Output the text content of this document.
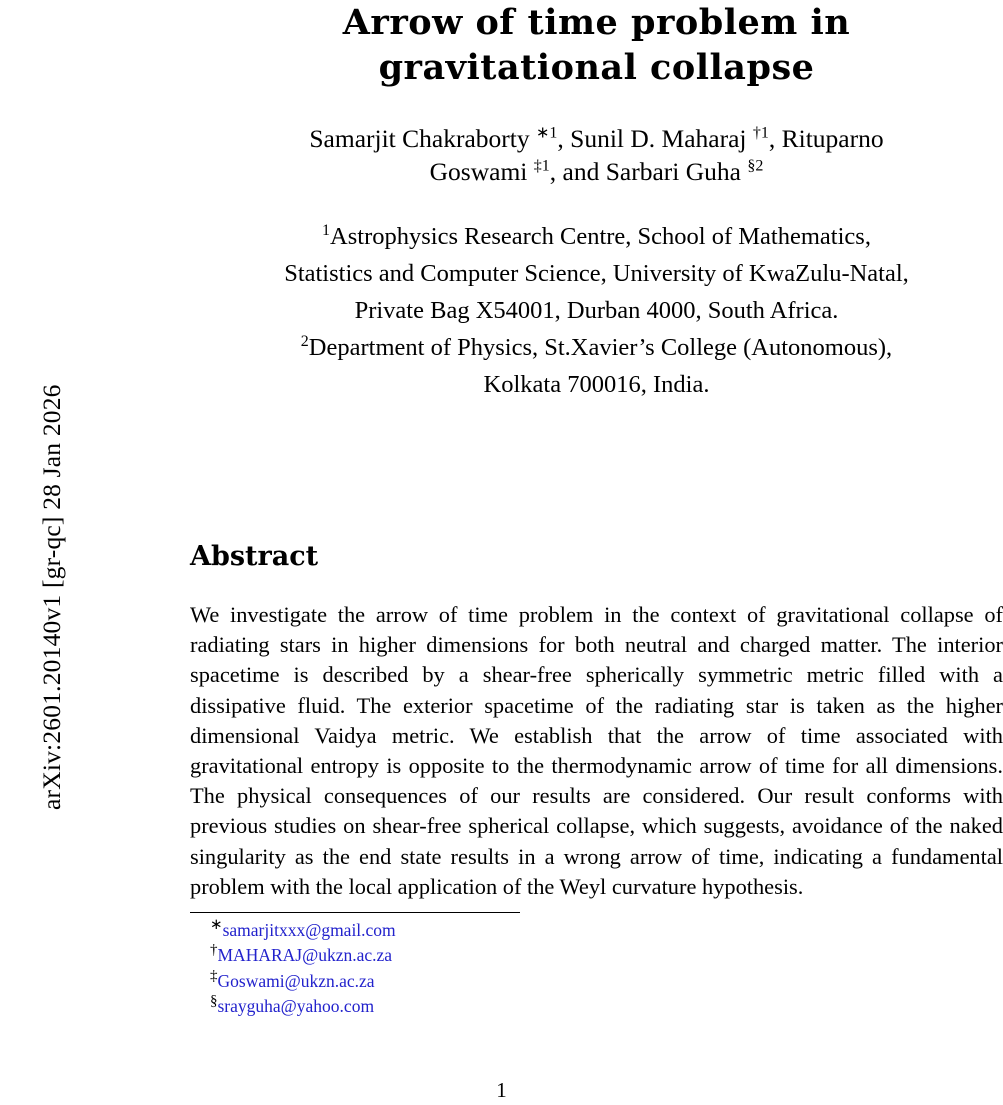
arXiv:2601.20140v1 [gr-qc] 28 Jan 2026
Arrow of time problem in
gravitational collapse
Samarjit Chakraborty $^{∗1}$, Sunil D. Maharaj $^{\dagger 1}$, Rituparno
Goswami $^{\ddagger 1}$, and Sarbari Guha $^{\S 2}$
$^1$Astrophysics Research Centre, School of Mathematics,
Statistics and Computer Science, University of KwaZulu-Natal,
Private Bag X54001, Durban 4000, South Africa.
$^2$Department of Physics, St.Xavier’s College (Autonomous),
Kolkata 700016, India.
Abstract
We investigate the arrow of time problem in the context of gravitational collapse of radiating stars in higher dimensions for both neutral and charged matter. The interior spacetime is described by a shear-free spherically symmetric metric filled with a dissipative fluid. The exterior spacetime of the radiating star is taken as the higher dimensional Vaidya metric. We establish that the arrow of time associated with gravitational entropy is opposite to the thermodynamic arrow of time for all dimensions. The physical consequences of our results are considered. Our result conforms with previous studies on shear-free spherical collapse, which suggests, avoidance of the naked singularity as the end state results in a wrong arrow of time, indicating a fundamental problem with the local application of the Weyl curvature hypothesis.
∗samarjitxxx@gmail.com
†MAHARAJ@ukzn.ac.za
‡Goswami@ukzn.ac.za
§srayguha@yahoo.com
1
